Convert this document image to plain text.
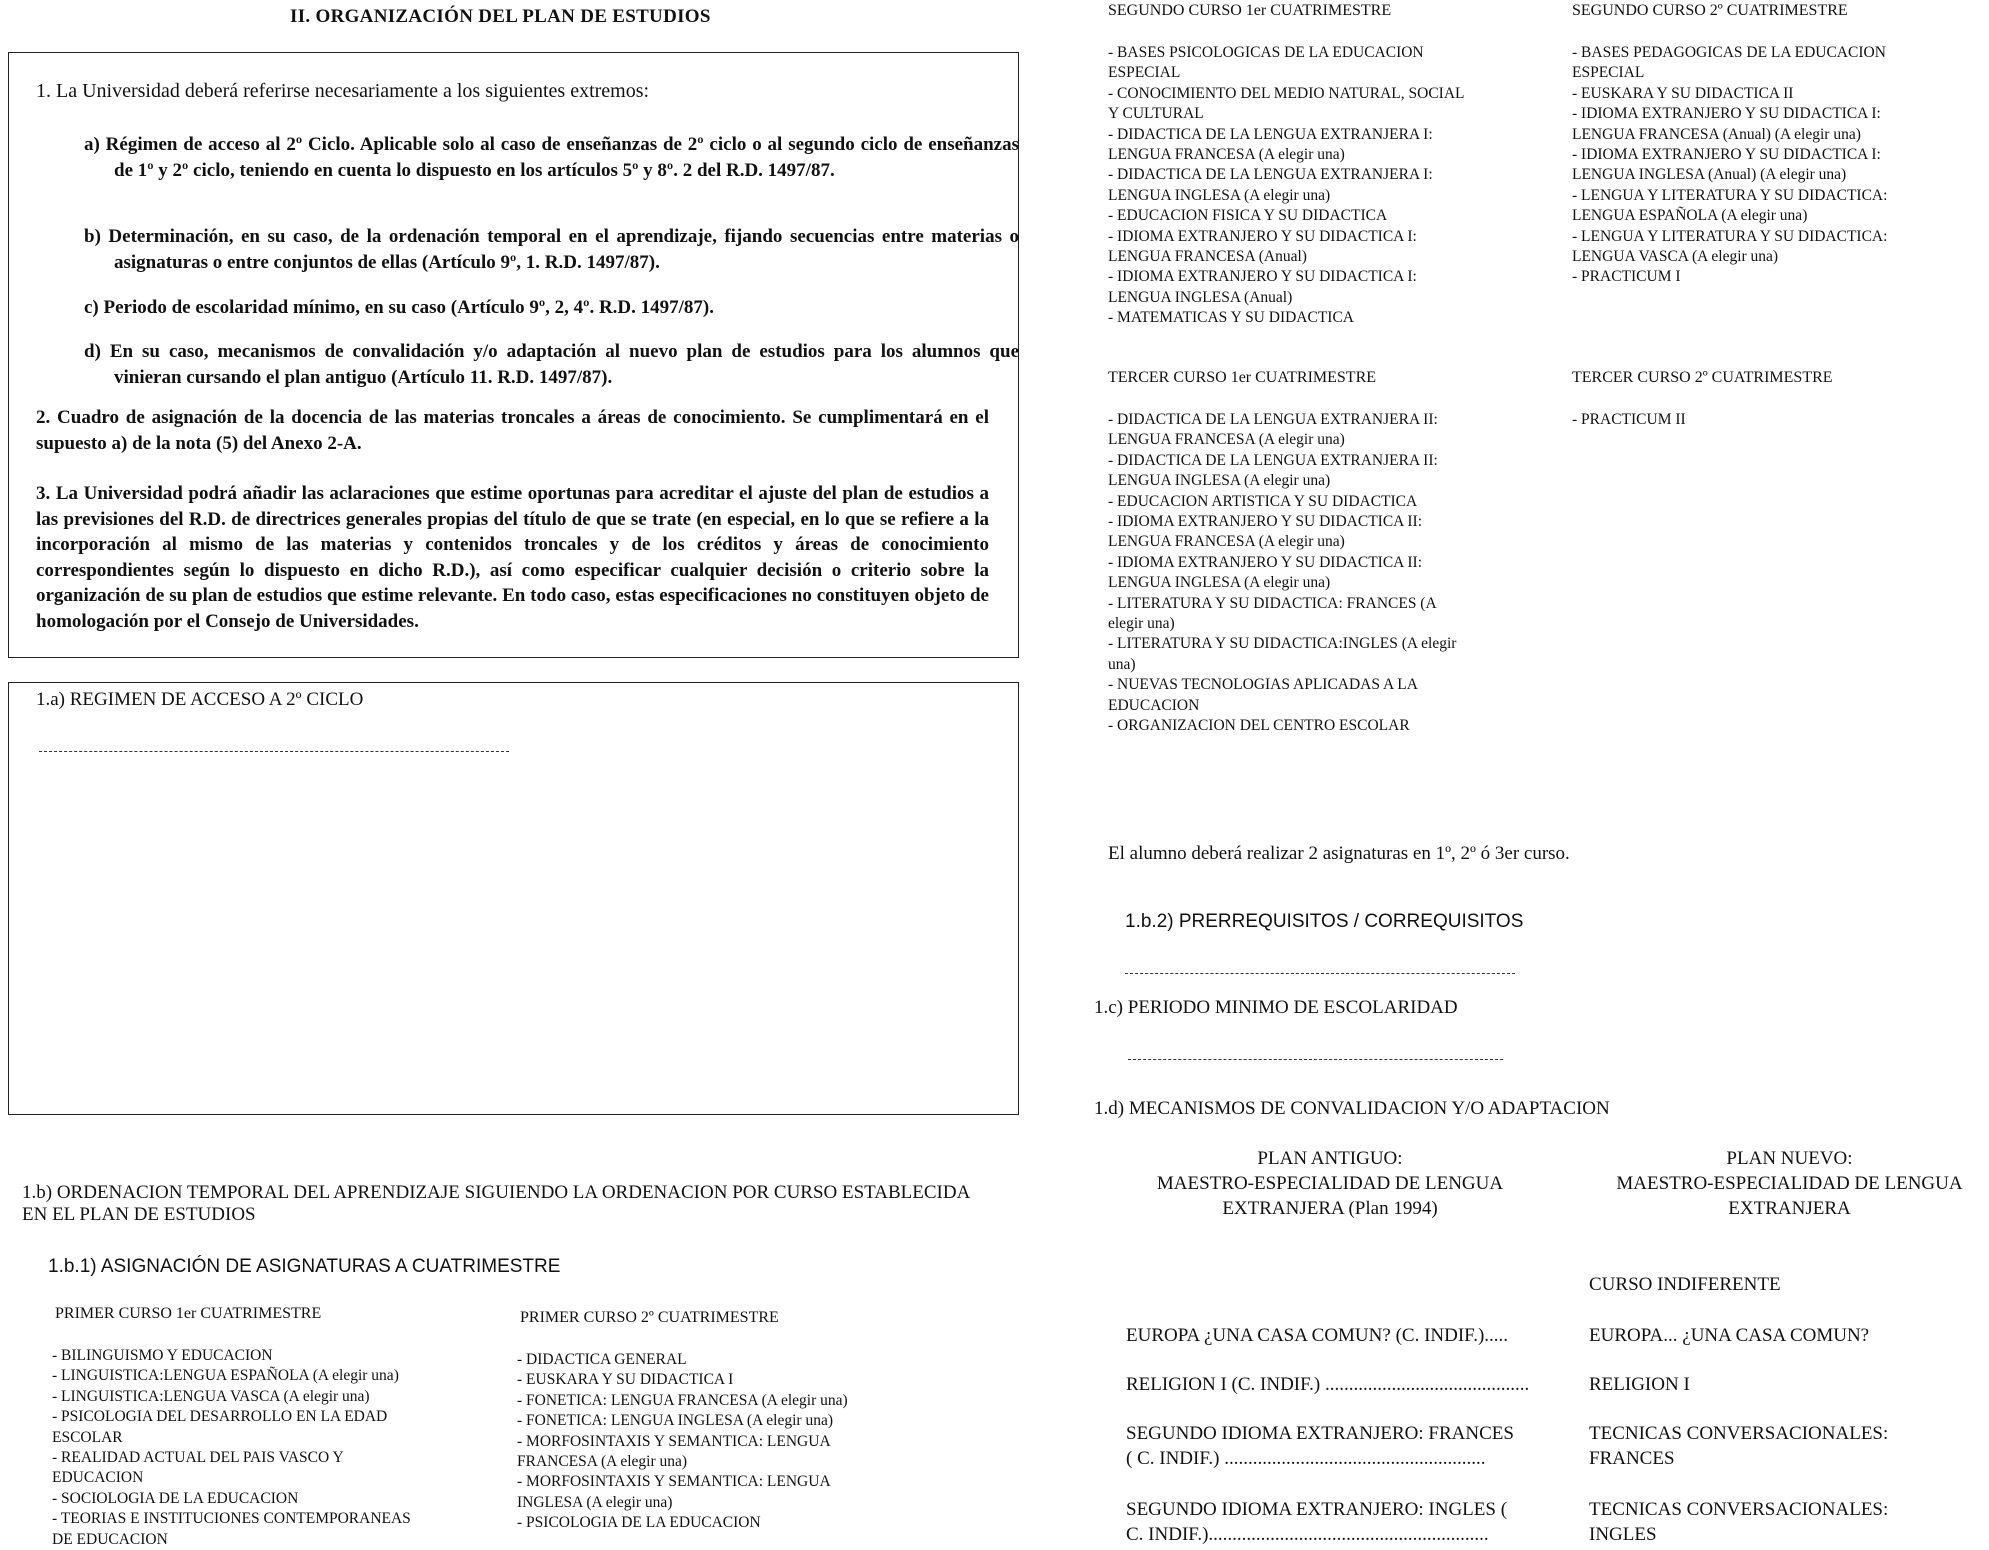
II. ORGANIZACIÓN DEL PLAN DE ESTUDIOS
1. La Universidad deberá referirse necesariamente a los siguientes extremos:
a) Régimen de acceso al 2º Ciclo. Aplicable solo al caso de enseñanzas de 2º ciclo o al segundo ciclo de enseñanzas de 1º y 2º ciclo, teniendo en cuenta lo dispuesto en los artículos 5º y 8º. 2 del R.D. 1497/87.
b) Determinación, en su caso, de la ordenación temporal en el aprendizaje, fijando secuencias entre materias o asignaturas o entre conjuntos de ellas (Artículo 9º, 1. R.D. 1497/87).
c) Periodo de escolaridad mínimo, en su caso (Artículo 9º, 2, 4º. R.D. 1497/87).
d) En su caso, mecanismos de convalidación y/o adaptación al nuevo plan de estudios para los alumnos que vinieran cursando el plan antiguo (Artículo 11. R.D. 1497/87).
2. Cuadro de asignación de la docencia de las materias troncales a áreas de conocimiento. Se cumplimentará en el supuesto a) de la nota (5) del Anexo 2-A.
3. La Universidad podrá añadir las aclaraciones que estime oportunas para acreditar el ajuste del plan de estudios a las previsiones del R.D. de directrices generales propias del título de que se trate (en especial, en lo que se refiere a la incorporación al mismo de las materias y contenidos troncales y de los créditos y áreas de conocimiento correspondientes según lo dispuesto en dicho R.D.), así como especificar cualquier decisión o criterio sobre la organización de su plan de estudios que estime relevante. En todo caso, estas especificaciones no constituyen objeto de homologación por el Consejo de Universidades.
1.a) REGIMEN DE ACCESO A 2º CICLO
1.b) ORDENACION TEMPORAL DEL APRENDIZAJE SIGUIENDO LA ORDENACION POR CURSO ESTABLECIDA EN EL PLAN DE ESTUDIOS
1.b.1) ASIGNACIÓN DE ASIGNATURAS A CUATRIMESTRE
PRIMER CURSO 1er CUATRIMESTRE
- BILINGUISMO Y EDUCACION
- LINGUISTICA:LENGUA ESPAÑOLA (A elegir una)
- LINGUISTICA:LENGUA VASCA (A elegir una)
- PSICOLOGIA DEL DESARROLLO EN LA EDAD
ESCOLAR
- REALIDAD ACTUAL DEL PAIS VASCO Y
EDUCACION
- SOCIOLOGIA DE LA EDUCACION
- TEORIAS E INSTITUCIONES CONTEMPORANEAS
DE EDUCACION
PRIMER CURSO 2º CUATRIMESTRE
- DIDACTICA GENERAL
- EUSKARA Y SU DIDACTICA I
- FONETICA: LENGUA FRANCESA (A elegir una)
- FONETICA: LENGUA INGLESA (A elegir una)
- MORFOSINTAXIS Y SEMANTICA: LENGUA
FRANCESA (A elegir una)
- MORFOSINTAXIS Y SEMANTICA: LENGUA
INGLESA (A elegir una)
- PSICOLOGIA DE LA EDUCACION
SEGUNDO CURSO 1er CUATRIMESTRE
- BASES PSICOLOGICAS DE LA EDUCACION
ESPECIAL
- CONOCIMIENTO DEL MEDIO NATURAL, SOCIAL
Y CULTURAL
- DIDACTICA DE LA LENGUA EXTRANJERA I:
LENGUA FRANCESA (A elegir una)
- DIDACTICA DE LA LENGUA EXTRANJERA I:
LENGUA INGLESA (A elegir una)
- EDUCACION FISICA Y SU DIDACTICA
- IDIOMA EXTRANJERO Y SU DIDACTICA I:
LENGUA FRANCESA (Anual)
- IDIOMA EXTRANJERO Y SU DIDACTICA I:
LENGUA INGLESA (Anual)
- MATEMATICAS Y SU DIDACTICA
SEGUNDO CURSO 2º CUATRIMESTRE
- BASES PEDAGOGICAS DE LA EDUCACION
ESPECIAL
- EUSKARA Y SU DIDACTICA II
- IDIOMA EXTRANJERO Y SU DIDACTICA I:
LENGUA FRANCESA (Anual) (A elegir una)
- IDIOMA EXTRANJERO Y SU DIDACTICA I:
LENGUA INGLESA (Anual) (A elegir una)
- LENGUA Y LITERATURA Y SU DIDACTICA:
LENGUA ESPAÑOLA (A elegir una)
- LENGUA Y LITERATURA Y SU DIDACTICA:
LENGUA VASCA (A elegir una)
- PRACTICUM I
TERCER CURSO 1er CUATRIMESTRE
- DIDACTICA DE LA LENGUA EXTRANJERA II:
LENGUA FRANCESA (A elegir una)
- DIDACTICA DE LA LENGUA EXTRANJERA II:
LENGUA INGLESA (A elegir una)
- EDUCACION ARTISTICA Y SU DIDACTICA
- IDIOMA EXTRANJERO Y SU DIDACTICA II:
LENGUA FRANCESA (A elegir una)
- IDIOMA EXTRANJERO Y SU DIDACTICA II:
LENGUA INGLESA (A elegir una)
- LITERATURA Y SU DIDACTICA: FRANCES (A
elegir una)
- LITERATURA Y SU DIDACTICA:INGLES (A elegir
una)
- NUEVAS TECNOLOGIAS APLICADAS A LA
EDUCACION
- ORGANIZACION DEL CENTRO ESCOLAR
TERCER CURSO 2º CUATRIMESTRE
- PRACTICUM II
El alumno deberá realizar 2 asignaturas en 1º, 2º ó 3er curso.
1.b.2) PRERREQUISITOS / CORREQUISITOS
1.c) PERIODO MINIMO DE ESCOLARIDAD
1.d) MECANISMOS DE CONVALIDACION Y/O ADAPTACION
PLAN ANTIGUO:
MAESTRO-ESPECIALIDAD DE LENGUA
EXTRANJERA (Plan 1994)
PLAN NUEVO:
MAESTRO-ESPECIALIDAD DE LENGUA
EXTRANJERA
CURSO INDIFERENTE
EUROPA ¿UNA CASA COMUN? (C. INDIF.).....	EUROPA... ¿UNA CASA COMUN?
RELIGION I (C. INDIF.) ...........................................	RELIGION I
SEGUNDO IDIOMA EXTRANJERO: FRANCES
( C. INDIF.) .......................................................
TECNICAS CONVERSACIONALES:
FRANCES
SEGUNDO IDIOMA EXTRANJERO: INGLES (
C. INDIF.)...........................................................
TECNICAS CONVERSACIONALES:
INGLES
